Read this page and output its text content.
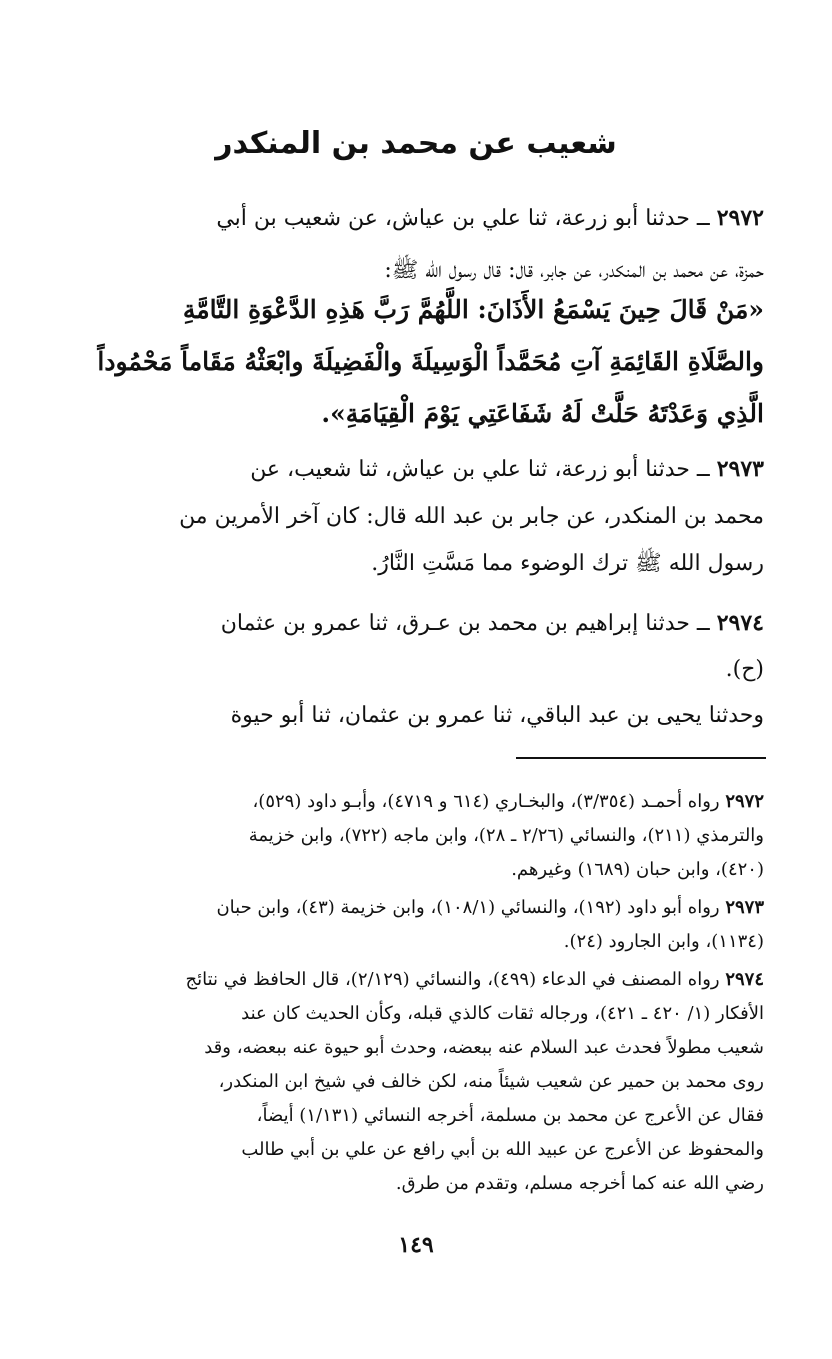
شعيب عن محمد بن المنكدر
٢٩٧٢ ــ حدثنا أبو زرعة، ثنا علي بن عياش، عن شعيب بن أبي
حمزة، عن محمد بن المنكدر، عن جابر، قال: قال رسول الله ﷺ:
«مَنْ قَالَ حِينَ يَسْمَعُ الأَذَانَ: اللَّهُمَّ رَبَّ هَذِهِ الدَّعْوَةِ التَّامَّةِ
والصَّلَاةِ القَائِمَةِ آتِ مُحَمَّداً الْوَسِيلَةَ والْفَضِيلَةَ وابْعَثْهُ مَقَاماً مَحْمُوداً
الَّذِي وَعَدْتَهُ حَلَّتْ لَهُ شَفَاعَتِي يَوْمَ الْقِيَامَةِ».
٢٩٧٣ ــ حدثنا أبو زرعة، ثنا علي بن عياش، ثنا شعيب، عن
محمد بن المنكدر، عن جابر بن عبد الله قال: كان آخر الأمرين من
رسول الله ﷺ ترك الوضوء مما مَسَّتِ النَّارُ.
٢٩٧٤ ــ حدثنا إبراهيم بن محمد بن عـرق، ثنا عمرو بن عثمان
(ح).
وحدثنا يحيى بن عبد الباقي، ثنا عمرو بن عثمان، ثنا أبو حيوة
٢٩٧٢ رواه أحمـد (٣/٣٥٤)، والبخـاري (٦١٤ و ٤٧١٩)، وأبـو داود (٥٢٩)،
والترمذي (٢١١)، والنسائي (٢/٢٦ ـ ٢٨)، وابن ماجه (٧٢٢)، وابن خزيمة
(٤٢٠)، وابن حبان (١٦٨٩) وغيرهم.
٢٩٧٣ رواه أبو داود (١٩٢)، والنسائي (١٠٨/١)، وابن خزيمة (٤٣)، وابن حبان
(١١٣٤)، وابن الجارود (٢٤).
٢٩٧٤ رواه المصنف في الدعاء (٤٩٩)، والنسائي (٢/١٢٩)، قال الحافظ في نتائج
الأفكار (١/ ٤٢٠ ـ ٤٢١)، ورجاله ثقات كالذي قبله، وكأن الحديث كان عند
شعيب مطولاً فحدث عبد السلام عنه ببعضه، وحدث أبو حيوة عنه ببعضه، وقد
روى محمد بن حمير عن شعيب شيئاً منه، لكن خالف في شيخ ابن المنكدر،
فقال عن الأعرج عن محمد بن مسلمة، أخرجه النسائي (١/١٣١) أيضاً،
والمحفوظ عن الأعرج عن عبيد الله بن أبي رافع عن علي بن أبي طالب
رضي الله عنه كما أخرجه مسلم، وتقدم من طرق.
١٤٩
